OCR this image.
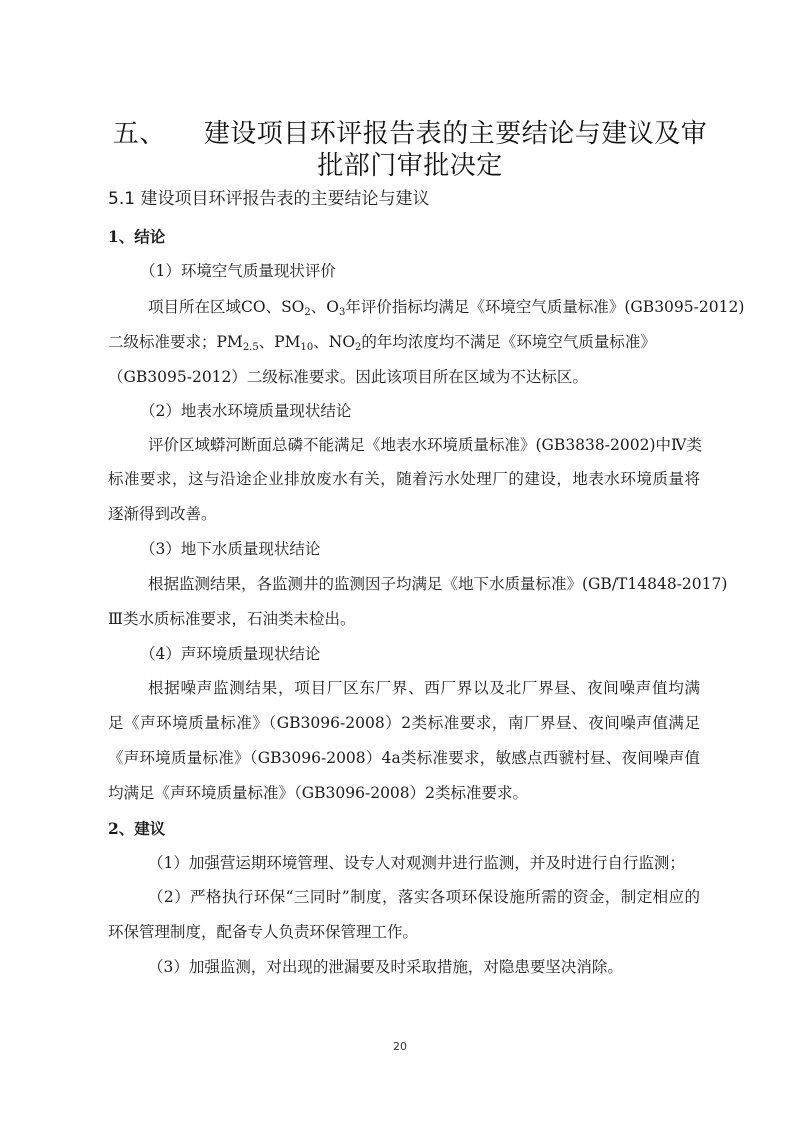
五、 建设项目环评报告表的主要结论与建议及审
批部门审批决定
5.1 建设项目环评报告表的主要结论与建议
1、结论
（1）环境空气质量现状评价
项目所在区域CO、$SO_2$、$O_3$年评价指标均满足《环境空气质量标准》(GB3095-2012)
二级标准要求；$PM_{2.5}$、$PM_{10}$、$NO_2$的年均浓度均不满足《环境空气质量标准》
（GB3095-2012）二级标准要求。因此该项目所在区域为不达标区。
（2）地表水环境质量现状结论
评价区域蟒河断面总磷不能满足《地表水环境质量标准》(GB3838-2002)中Ⅳ类
标准要求，这与沿途企业排放废水有关，随着污水处理厂的建设，地表水环境质量将
逐渐得到改善。
（3）地下水质量现状结论
根据监测结果，各监测井的监测因子均满足《地下水质量标准》(GB/T14848-2017)
Ⅲ类水质标准要求，石油类未检出。
（4）声环境质量现状结论
根据噪声监测结果，项目厂区东厂界、西厂界以及北厂界昼、夜间噪声值均满
足《声环境质量标准》（GB3096-2008）2类标准要求，南厂界昼、夜间噪声值满足
《声环境质量标准》（GB3096-2008）4a类标准要求，敏感点西虢村昼、夜间噪声值
均满足《声环境质量标准》（GB3096-2008）2类标准要求。
2、建议
（1）加强营运期环境管理、设专人对观测井进行监测，并及时进行自行监测；
（2）严格执行环保“三同时”制度，落实各项环保设施所需的资金，制定相应的
环保管理制度，配备专人负责环保管理工作。
（3）加强监测，对出现的泄漏要及时采取措施，对隐患要坚决消除。
20
